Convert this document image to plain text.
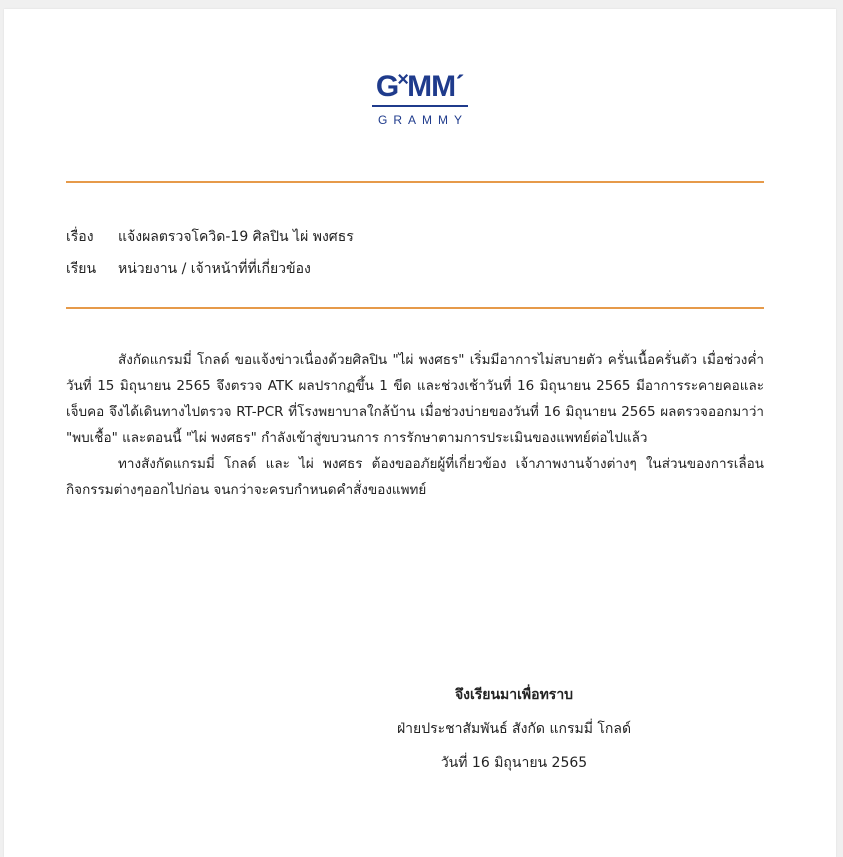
G˟MMˊ
GRAMMY
เรื่อง แจ้งผลตรวจโควิด-19 ศิลปิน ไผ่ พงศธร
เรียน หน่วยงาน / เจ้าหน้าที่ที่เกี่ยวข้อง

สังกัดแกรมมี่ โกลด์ ขอแจ้งข่าวเนื่องด้วยศิลปิน "ไผ่ พงศธร" เริ่มมีอาการไม่สบายตัว ครั่นเนื้อครั่นตัว เมื่อช่วงค่ำวันที่ 15 มิถุนายน 2565 จึงตรวจ ATK ผลปรากฏขึ้น 1 ขีด และช่วงเช้าวันที่ 16 มิถุนายน 2565 มีอาการระคายคอและเจ็บคอ จึงได้เดินทางไปตรวจ RT-PCR ที่โรงพยาบาลใกล้บ้าน เมื่อช่วงบ่ายของวันที่ 16 มิถุนายน 2565 ผลตรวจออกมาว่า "พบเชื้อ" และตอนนี้ "ไผ่ พงศธร" กำลังเข้าสู่ขบวนการ การรักษาตามการประเมินของแพทย์ต่อไปแล้ว

ทางสังกัดแกรมมี่ โกลด์ และ ไผ่ พงศธร ต้องขออภัยผู้ที่เกี่ยวข้อง เจ้าภาพงานจ้างต่างๆ ในส่วนของการเลื่อนกิจกรรมต่างๆออกไปก่อน จนกว่าจะครบกำหนดคำสั่งของแพทย์

จึงเรียนมาเพื่อทราบ
ฝ่ายประชาสัมพันธ์ สังกัด แกรมมี่ โกลด์
วันที่ 16 มิถุนายน 2565
